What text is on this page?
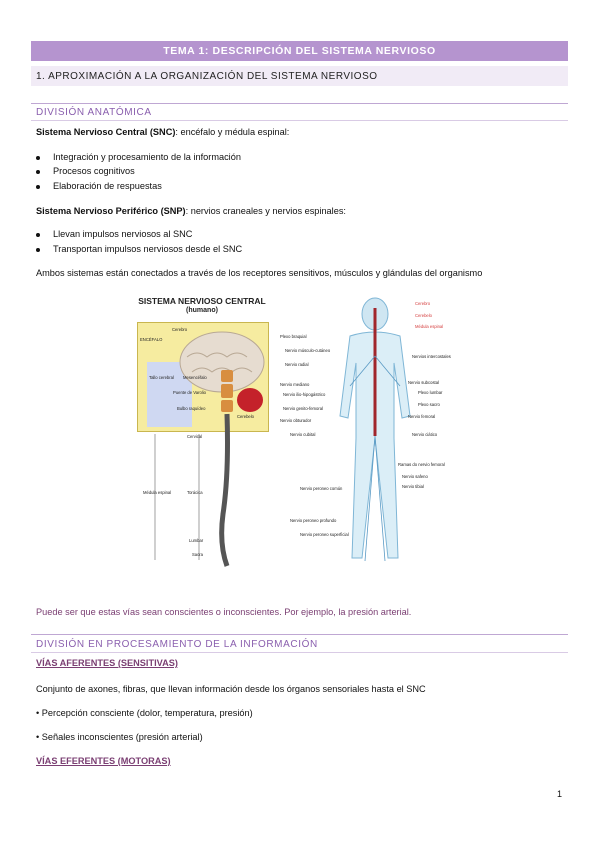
TEMA 1: DESCRIPCIÓN DEL SISTEMA NERVIOSO
1. APROXIMACIÓN A LA ORGANIZACIÓN DEL SISTEMA NERVIOSO
DIVISIÓN ANATÓMICA
Sistema Nervioso Central (SNC): encéfalo y médula espinal:
Integración y procesamiento de la información
Procesos cognitivos
Elaboración de respuestas
Sistema Nervioso Periférico (SNP): nervios craneales y nervios espinales:
Llevan impulsos nerviosos al SNC
Transportan impulsos nerviosos desde el SNC
Ambos sistemas están conectados a través de los receptores sensitivos, músculos y glándulas del organismo
SISTEMA NERVIOSO CENTRAL
(humano)
Cerebro
ENCÉFALO
Tallo cerebral Mesencéfalo
Puente de Varolio
Bulbo raquídeo
Cerebelo
Cervical
Médula espinal	Torácica
Lumbar
Sacra
Cerebro
Cerebelo
Médula espinal
Plexo braquial
Nervio músculo-cutáneo
Nervio radial
Nervio mediano
Nervio ilio-hipogástrico
Nervio genito-femoral
Nervio obturador
Nervio cubital
Nervio peroneo común
Nervio peroneo profundo
Nervio peroneo superficial
Nervios intercostales
Nervio subcostal
Plexo lumbar
Plexo sacro
Nervio femoral
Nervio ciático
Ramas do nervio femoral
Nervio safeno
Nervio tibial
Puede ser que estas vías sean conscientes o inconscientes. Por ejemplo, la presión arterial.
DIVISIÓN EN PROCESAMIENTO DE LA INFORMACIÓN
VÍAS AFERENTES (SENSITIVAS)
Conjunto de axones, fibras, que llevan información desde los órganos sensoriales hasta el SNC
• Percepción consciente (dolor, temperatura, presión)
• Señales inconscientes (presión arterial)
VÍAS EFERENTES (MOTORAS)
1
